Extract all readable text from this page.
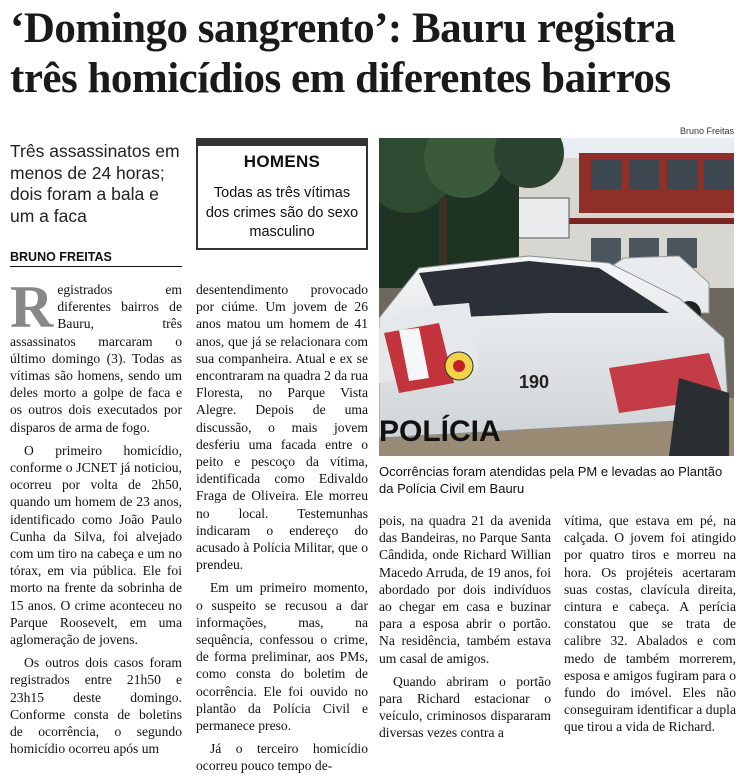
‘Domingo sangrento’: Bauru registra três homicídios em diferentes bairros
Três assassinatos em menos de 24 horas; dois foram a bala e um a faca
BRUNO FREITAS
HOMENS
Todas as três vítimas dos crimes são do sexo masculino
Bruno Freitas
190
POLÍCIA
Ocorrências foram atendidas pela PM e levadas ao Plantão da Polícia Civil em Bauru

Registrados em diferentes bairros de Bauru, três assassinatos marcaram o último domingo (3). Todas as vítimas são homens, sendo um deles morto a golpe de faca e os outros dois executados por disparos de arma de fogo.

O primeiro homicídio, conforme o JCNET já noticiou, ocorreu por volta de 2h50, quando um homem de 23 anos, identificado como João Paulo Cunha da Silva, foi alvejado com um tiro na cabeça e um no tórax, em via pública. Ele foi morto na frente da sobrinha de 15 anos. O crime aconteceu no Parque Roosevelt, em uma aglomeração de jovens.

Os outros dois casos foram registrados entre 21h50 e 23h15 deste domingo. Conforme consta de boletins de ocorrência, o segundo homicídio ocorreu após um

desentendimento provocado por ciúme. Um jovem de 26 anos matou um homem de 41 anos, que já se relacionara com sua companheira. Atual e ex se encontraram na quadra 2 da rua Floresta, no Parque Vista Alegre. Depois de uma discussão, o mais jovem desferiu uma facada entre o peito e pescoço da vítima, identificada como Edivaldo Fraga de Oliveira. Ele morreu no local. Testemunhas indicaram o endereço do acusado à Polícia Militar, que o prendeu.

Em um primeiro momento, o suspeito se recusou a dar informações, mas, na sequência, confessou o crime, de forma preliminar, aos PMs, como consta do boletim de ocorrência. Ele foi ouvido no plantão da Polícia Civil e permanece preso.

Já o terceiro homicídio ocorreu pouco tempo de-

pois, na quadra 21 da avenida das Bandeiras, no Parque Santa Cândida, onde Richard Willian Macedo Arruda, de 19 anos, foi abordado por dois indivíduos ao chegar em casa e buzinar para a esposa abrir o portão. Na residência, também estava um casal de amigos.

Quando abriram o portão para Richard estacionar o veículo, criminosos dispararam diversas vezes contra a

vítima, que estava em pé, na calçada. O jovem foi atingido por quatro tiros e morreu na hora. Os projéteis acertaram suas costas, clavícula direita, cintura e cabeça. A perícia constatou que se trata de calibre 32. Abalados e com medo de também morrerem, esposa e amigos fugiram para o fundo do imóvel. Eles não conseguiram identificar a dupla que tirou a vida de Richard.
